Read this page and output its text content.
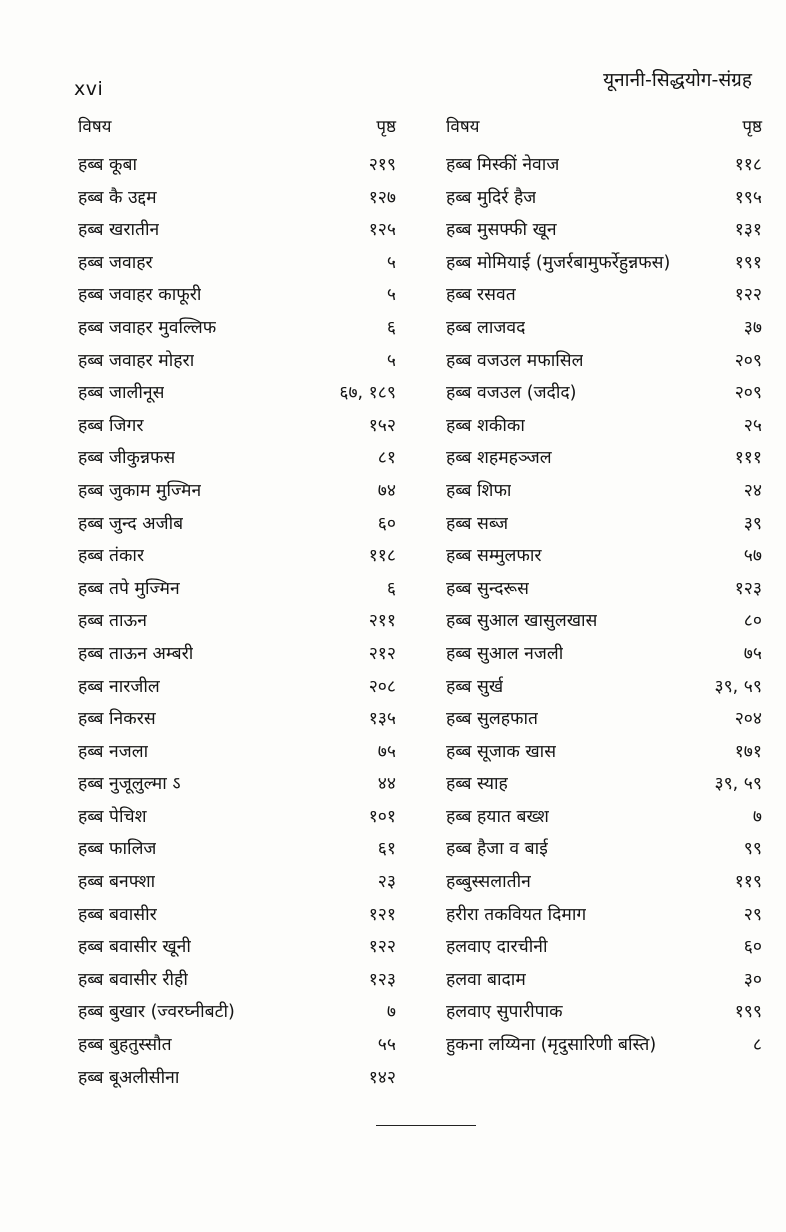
xvi	यूनानी-सिद्धयोग-संग्रह
विषय	पृष्ठ
हब्ब कूबा	२१९
हब्ब कै उद्दम	१२७
हब्ब खरातीन	१२५
हब्ब जवाहर	५
हब्ब जवाहर काफूरी	५
हब्ब जवाहर मुवल्लिफ	६
हब्ब जवाहर मोहरा	५
हब्ब जालीनूस	६७, १८९
हब्ब जिगर	१५२
हब्ब जीकुन्नफस	८१
हब्ब जुकाम मुज्मिन	७४
हब्ब जुन्द अजीब	६०
हब्ब तंकार	११८
हब्ब तपे मुज्मिन	६
हब्ब ताऊन	२११
हब्ब ताऊन अम्बरी	२१२
हब्ब नारजील	२०८
हब्ब निकरस	१३५
हब्ब नजला	७५
हब्ब नुजूलुल्मा ऽ	४४
हब्ब पेचिश	१०१
हब्ब फालिज	६१
हब्ब बनफ्शा	२३
हब्ब बवासीर	१२१
हब्ब बवासीर खूनी	१२२
हब्ब बवासीर रीही	१२३
हब्ब बुखार (ज्वरघ्नीबटी)	७
हब्ब बुहतुस्सौत	५५
हब्ब बूअलीसीना	१४२
विषय	पृष्ठ
हब्ब मिस्कीं नेवाज	११८
हब्ब मुदिर्र हैज	१९५
हब्ब मुसफ्फी खून	१३१
हब्ब मोमियाई (मुजर्रबामुफर्रेहुन्नफस)	१९१
हब्ब रसवत	१२२
हब्ब लाजवद	३७
हब्ब वजउल मफासिल	२०९
हब्ब वजउल (जदीद)	२०९
हब्ब शकीका	२५
हब्ब शहमहञ्जल	१११
हब्ब शिफा	२४
हब्ब सब्ज	३९
हब्ब सम्मुलफार	५७
हब्ब सुन्दरूस	१२३
हब्ब सुआल खासुलखास	८०
हब्ब सुआल नजली	७५
हब्ब सुर्ख	३९, ५९
हब्ब सुलहफात	२०४
हब्ब सूजाक खास	१७१
हब्ब स्याह	३९, ५९
हब्ब हयात बख्श	७
हब्ब हैजा व बाई	९९
हब्बुस्सलातीन	११९
हरीरा तकवियत दिमाग	२९
हलवाए दारचीनी	६०
हलवा बादाम	३०
हलवाए सुपारीपाक	१९९
हुकना लय्यिना (मृदुसारिणी बस्ति)	८
